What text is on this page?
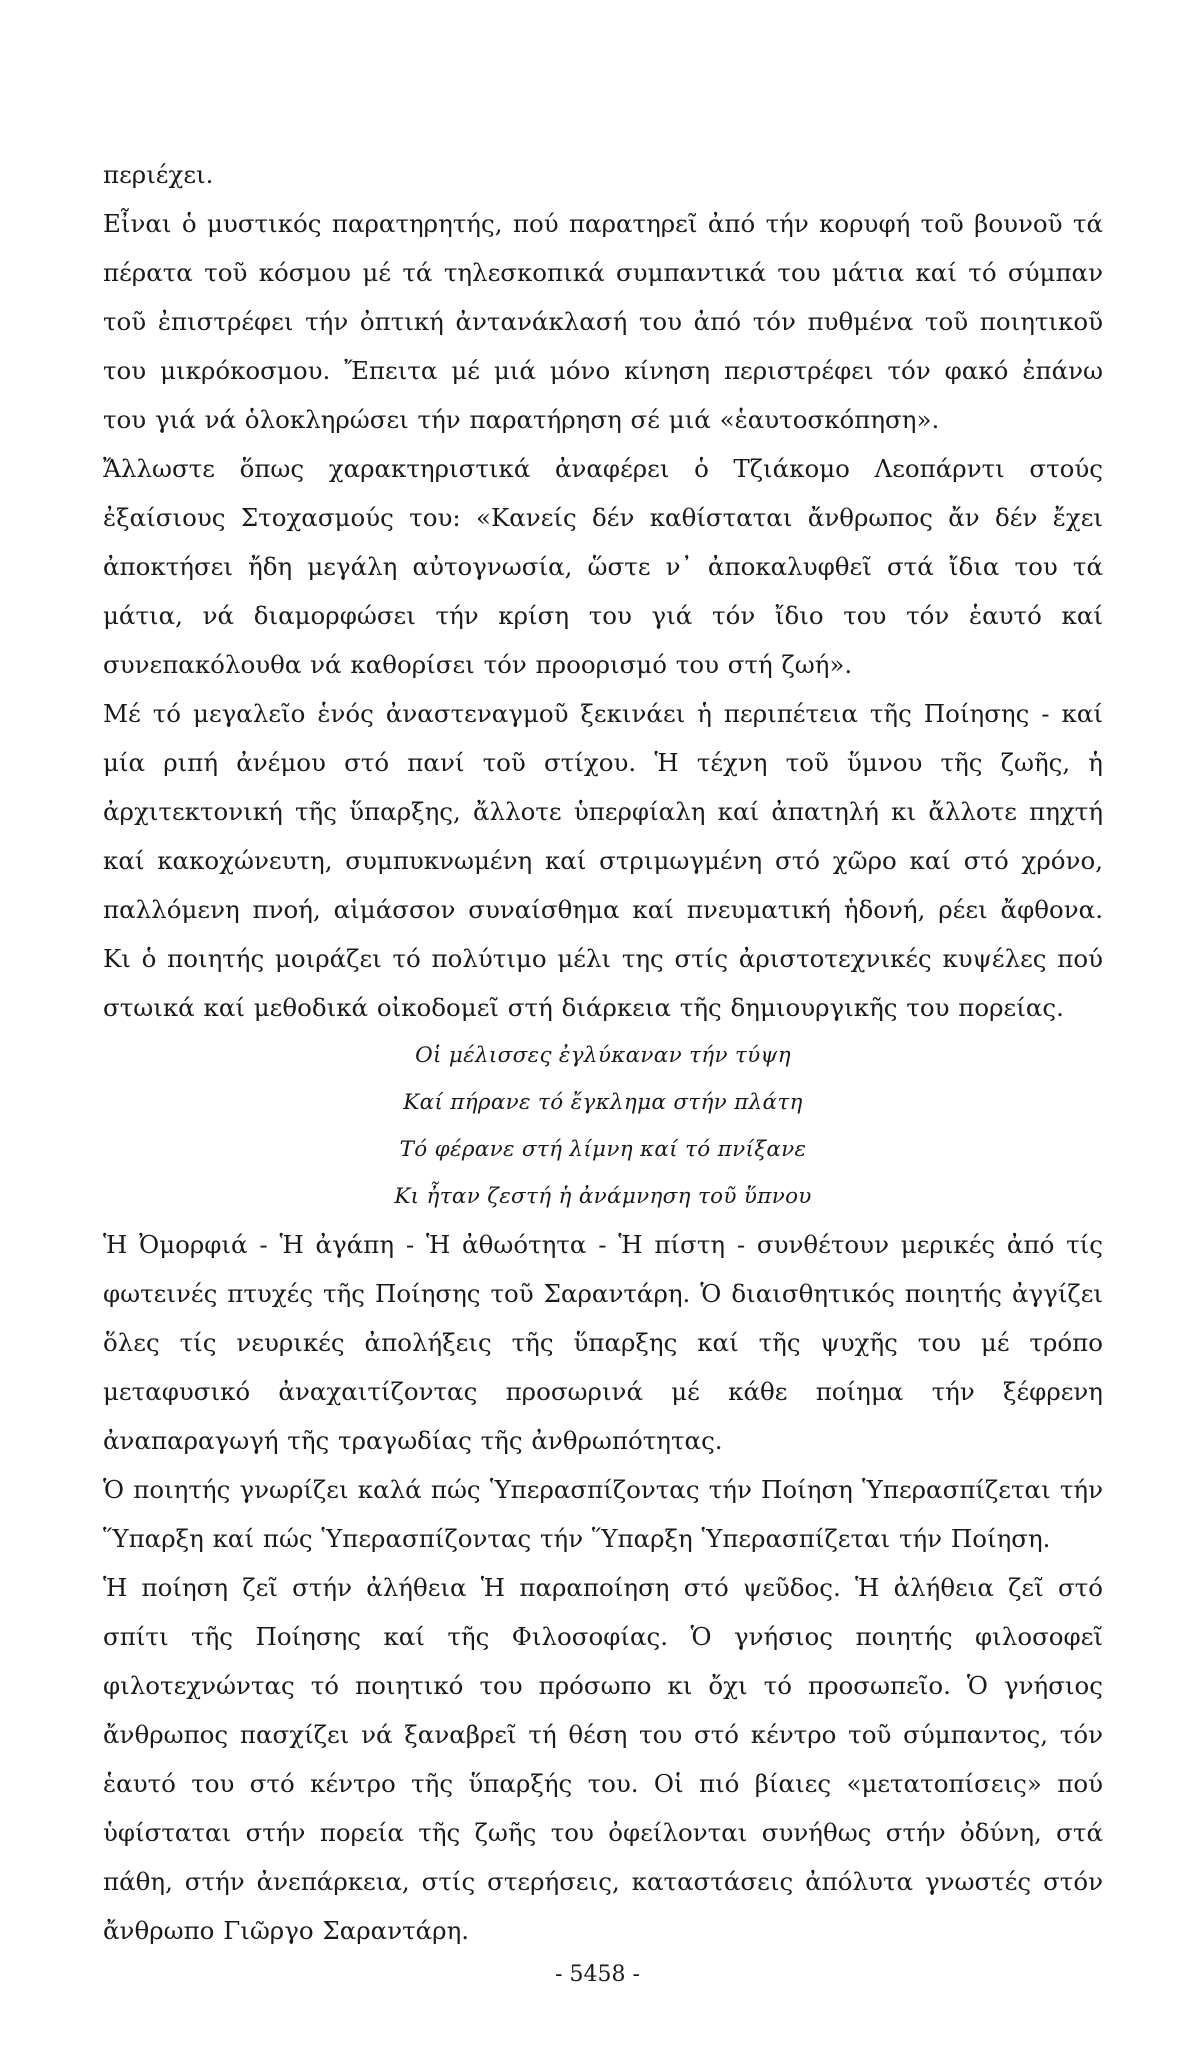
περιέχει.

Εἶναι ὁ μυστικός παρατηρητής, πού παρατηρεῖ ἀπό τήν κορυφή τοῦ βουνοῦ τά πέρατα τοῦ κόσμου μέ τά τηλεσκοπικά συμπαντικά του μάτια καί τό σύμπαν τοῦ ἐπιστρέφει τήν ὀπτική ἀντανάκλασή του ἀπό τόν πυθμένα τοῦ ποιητικοῦ του μικρόκοσμου. Ἔπειτα μέ μιά μόνο κίνηση περιστρέφει τόν φακό ἐπάνω του γιά νά ὁλοκληρώσει τήν παρατήρηση σέ μιά «ἑαυτοσκόπηση».

Ἄλλωστε ὅπως χαρακτηριστικά ἀναφέρει ὁ Τζιάκομο Λεοπάρντι στούς ἐξαίσιους Στοχασμούς του: «Κανείς δέν καθίσταται ἄνθρωπος ἄν δέν ἔχει ἀποκτήσει ἤδη μεγάλη αὐτογνωσία, ὥστε ν᾽ ἀποκαλυφθεῖ στά ἴδια του τά μάτια, νά διαμορφώσει τήν κρίση του γιά τόν ἴδιο του τόν ἑαυτό καί συνεπακόλουθα νά καθορίσει τόν προορισμό του στή ζωή».

Μέ τό μεγαλεῖο ἑνός ἀναστεναγμοῦ ξεκινάει ἡ περιπέτεια τῆς Ποίησης - καί μία ριπή ἀνέμου στό πανί τοῦ στίχου. Ἡ τέχνη τοῦ ὕμνου τῆς ζωῆς, ἡ ἀρχιτεκτονική τῆς ὕπαρξης, ἄλλοτε ὑπερφίαλη καί ἀπατηλή κι ἄλλοτε πηχτή καί κακοχώνευτη, συμπυκνωμένη καί στριμωγμένη στό χῶρο καί στό χρόνο, παλλόμενη πνοή, αἱμάσσον συναίσθημα καί πνευματική ἡδονή, ρέει ἄφθονα. Κι ὁ ποιητής μοιράζει τό πολύτιμο μέλι της στίς ἀριστοτεχνικές κυψέλες πού στωικά καί μεθοδικά οἰκοδομεῖ στή διάρκεια τῆς δημιουργικῆς του πορείας.

Οἱ μέλισσες ἐγλύκαναν τήν τύψη
Καί πήρανε τό ἔγκλημα στήν πλάτη
Τό φέρανε στή λίμνη καί τό πνίξανε
Κι ἦταν ζεστή ἡ ἀνάμνηση τοῦ ὕπνου

Ἡ Ὀμορφιά - Ἡ ἀγάπη - Ἡ ἀθωότητα - Ἡ πίστη - συνθέτουν μερικές ἀπό τίς φωτεινές πτυχές τῆς Ποίησης τοῦ Σαραντάρη. Ὁ διαισθητικός ποιητής ἀγγίζει ὅλες τίς νευρικές ἀπολήξεις τῆς ὕπαρξης καί τῆς ψυχῆς του μέ τρόπο μεταφυσικό ἀναχαιτίζοντας προσωρινά μέ κάθε ποίημα τήν ξέφρενη ἀναπαραγωγή τῆς τραγωδίας τῆς ἀνθρωπότητας.

Ὁ ποιητής γνωρίζει καλά πώς Ὑπερασπίζοντας τήν Ποίηση Ὑπερασπίζεται τήν Ὕπαρξη καί πώς Ὑπερασπίζοντας τήν Ὕπαρξη Ὑπερασπίζεται τήν Ποίηση.

Ἡ ποίηση ζεῖ στήν ἀλήθεια Ἡ παραποίηση στό ψεῦδος. Ἡ ἀλήθεια ζεῖ στό σπίτι τῆς Ποίησης καί τῆς Φιλοσοφίας. Ὁ γνήσιος ποιητής φιλοσοφεῖ φιλοτεχνώντας τό ποιητικό του πρόσωπο κι ὄχι τό προσωπεῖο. Ὁ γνήσιος ἄνθρωπος πασχίζει νά ξαναβρεῖ τή θέση του στό κέντρο τοῦ σύμπαντος, τόν ἑαυτό του στό κέντρο τῆς ὕπαρξής του. Οἱ πιό βίαιες «μετατοπίσεις» πού ὑφίσταται στήν πορεία τῆς ζωῆς του ὀφείλονται συνήθως στήν ὀδύνη, στά πάθη, στήν ἀνεπάρκεια, στίς στερήσεις, καταστάσεις ἀπόλυτα γνωστές στόν ἄνθρωπο Γιῶργο Σαραντάρη.

- 5458 -
